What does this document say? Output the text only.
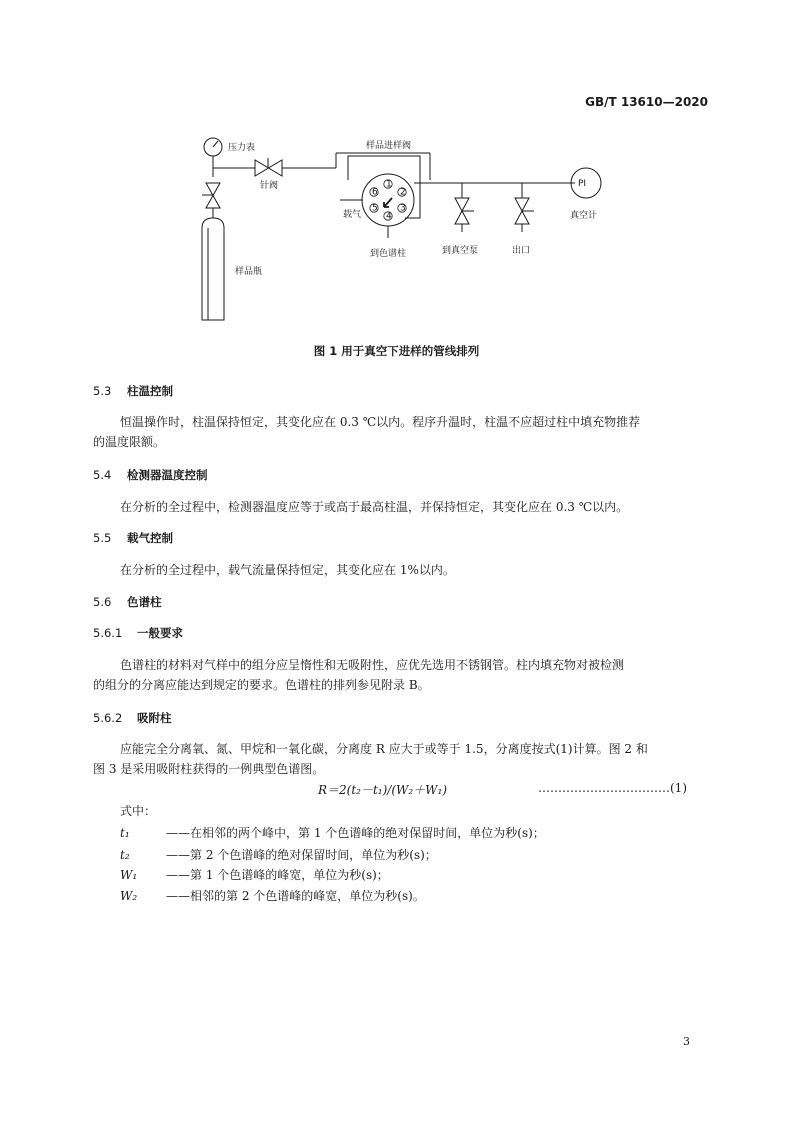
GB/T 13610—2020
1
2
3
4
5
6
压力表
针阀
样品瓶
样品进样阀
载气
到色谱柱	到真空泵	出口
PI
真空计
图 1 用于真空下进样的管线排列
5.3 柱温控制
恒温操作时，柱温保持恒定，其变化应在 0.3 ℃以内。程序升温时，柱温不应超过柱中填充物推荐
的温度限额。
5.4 检测器温度控制
在分析的全过程中，检测器温度应等于或高于最高柱温，并保持恒定，其变化应在 0.3 ℃以内。
5.5 载气控制
在分析的全过程中，载气流量保持恒定，其变化应在 1%以内。
5.6 色谱柱
5.6.1 一般要求
色谱柱的材料对气样中的组分应呈惰性和无吸附性，应优先选用不锈钢管。柱内填充物对被检测
的组分的分离应能达到规定的要求。色谱柱的排列参见附录 B。
5.6.2 吸附柱
应能完全分离氧、氮、甲烷和一氧化碳，分离度 R 应大于或等于 1.5，分离度按式(1)计算。图 2 和
图 3 是采用吸附柱获得的一例典型色谱图。
R＝2(t₂－t₁)/(W₂＋W₁)	……………………………(1)
式中：
t₁	——在相邻的两个峰中，第 1 个色谱峰的绝对保留时间，单位为秒(s)；
t₂	——第 2 个色谱峰的绝对保留时间，单位为秒(s)；
W₁ ——第 1 个色谱峰的峰宽，单位为秒(s)；
W₂ ——相邻的第 2 个色谱峰的峰宽，单位为秒(s)。
3
